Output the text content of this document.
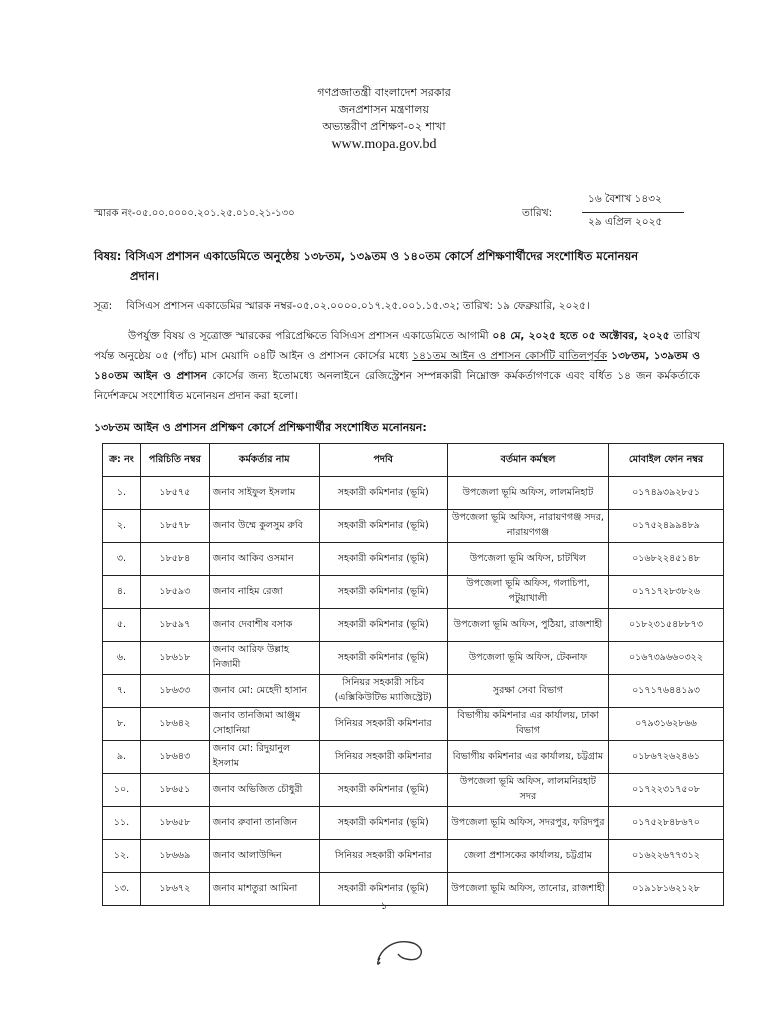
গণপ্রজাতন্ত্রী বাংলাদেশ সরকার
জনপ্রশাসন মন্ত্রণালয়
অভ্যন্তরীণ প্রশিক্ষণ-০২ শাখা
www.mopa.gov.bd
স্মারক নং-০৫.০০.০০০০.২০১.২৫.০১০.২১-১৩০	তারিখ:
১৬ বৈশাখ ১৪৩২
২৯ এপ্রিল ২০২৫
বিষয়: বিসিএস প্রশাসন একাডেমিতে অনুষ্ঠেয় ১৩৮তম, ১৩৯তম ও ১৪০তম কোর্সে প্রশিক্ষণার্থীদের সংশোধিত মনোনয়ন
প্রদান।
সূত্র: বিসিএস প্রশাসন একাডেমির স্মারক নম্বর-০৫.০২.০০০০.০১৭.২৫.০০১.১৫.৩২; তারিখ: ১৯ ফেব্রুয়ারি, ২০২৫।
উপর্যুক্ত বিষয় ও সূত্রোক্ত স্মারকের পরিপ্রেক্ষিতে বিসিএস প্রশাসন একাডেমিতে আগামী ০৪ মে, ২০২৫ হতে ০৫ অক্টোবর, ২০২৫ তারিখ পর্যন্ত অনুষ্ঠেয় ০৫ (পাঁচ) মাস মেয়াদি ০৪টি আইন ও প্রশাসন কোর্সের মধ্যে ১৪১তম আইন ও প্রশাসন কোর্সটি বাতিলপূর্বক ১৩৮তম, ১৩৯তম ও ১৪০তম আইন ও প্রশাসন কোর্সের জন্য ইতোমধ্যে অনলাইনে রেজিস্ট্রেশন সম্পন্নকারী নিম্নোক্ত কর্মকর্তাগণকে এবং বর্ধিত ১৪ জন কর্মকর্তাকে নির্দেশক্রমে সংশোধিত মনোনয়ন প্রদান করা হলো।
১৩৮তম আইন ও প্রশাসন প্রশিক্ষণ কোর্সে প্রশিক্ষণার্থীর সংশোধিত মনোনয়ন:
ক্র: নং	পরিচিতি নম্বর	কর্মকর্তার নাম	পদবি	বর্তমান কর্মস্থল	মোবাইল ফোন নম্বর
১.	১৮৫৭৫	জনাব সাইফুল ইসলাম	সহকারী কমিশনার (ভূমি)	উপজেলা ভূমি অফিস, লালমনিহাট	০১৭৪৯৩৯২৮৫১
২.	১৮৫৭৮	জনাব উম্মে কুলসুম রুবি	সহকারী কমিশনার (ভূমি)	উপজেলা ভূমি অফিস, নারায়ণগঞ্জ সদর, নারায়ণগঞ্জ	০১৭৫২৪৯৯৪৮৯
৩.	১৮৫৮৪	জনাব আকিব ওসমান	সহকারী কমিশনার (ভূমি)	উপজেলা ভূমি অফিস, চাটখিল	০১৬৮২২৪৫১৪৮
৪.	১৮৫৯৩	জনাব নাহিম রেজা	সহকারী কমিশনার (ভূমি)	উপজেলা ভূমি অফিস, গলাচিপা, পটুয়াখালী	০১৭১৭২৮৩৮২৬
৫.	১৮৫৯৭	জনাব দেবাশীষ বসাক	সহকারী কমিশনার (ভূমি)	উপজেলা ভূমি অফিস, পুঠিয়া, রাজশাহী	০১৮২৩১৫৪৮৮৭৩
৬.	১৮৬১৮	জনাব আরিফ উল্লাহ নিজামী	সহকারী কমিশনার (ভূমি)	উপজেলা ভূমি অফিস, টেকনাফ	০১৬৭৩৯৬৬০৩২২
৭.	১৮৬৩৩	জনাব মো: মেহেদী হাসান	সিনিয়র সহকারী সচিব (এক্সিকিউটিভ ম্যাজিস্ট্রেট)	সুরক্ষা সেবা বিভাগ	০১৭১৭৬৪৪১৯৩
৮.	১৮৬৪২	জনাব তানজিমা আঞ্জুম সোহানিয়া	সিনিয়র সহকারী কমিশনার	বিভাগীয় কমিশনার এর কার্যালয়, ঢাকা বিভাগ	০৭৯৩১৬২৮৬৬
৯.	১৮৬৪৩	জনাব মো: রিদুয়ানুল ইসলাম	সিনিয়র সহকারী কমিশনার	বিভাগীয় কমিশনার এর কার্যালয়, চট্টগ্রাম	০১৮৬৭২৬২৪৬১
১০.	১৮৬৫১	জনাব অভিজিত চৌধুরী	সহকারী কমিশনার (ভূমি)	উপজেলা ভূমি অফিস, লালমনিরহাট সদর	০১৭২২৩১৭৫০৮
১১.	১৮৬৫৮	জনাব রুবানা তানজিন	সহকারী কমিশনার (ভূমি)	উপজেলা ভূমি অফিস, সদরপুর, ফরিদপুর	০১৭৫২৮৪৮৬৭০
১২.	১৮৬৬৯	জনাব আলাউদ্দিন	সিনিয়র সহকারী কমিশনার	জেলা প্রশাসকের কার্যালয়, চট্টগ্রাম	০১৬২২৬৭৭৩১২
১৩.	১৮৬৭২	জনাব মাশতুরা আমিনা	সহকারী কমিশনার (ভূমি)	উপজেলা ভূমি অফিস, তানোর, রাজশাহী	০১৯১৮১৬২১২৮
১
